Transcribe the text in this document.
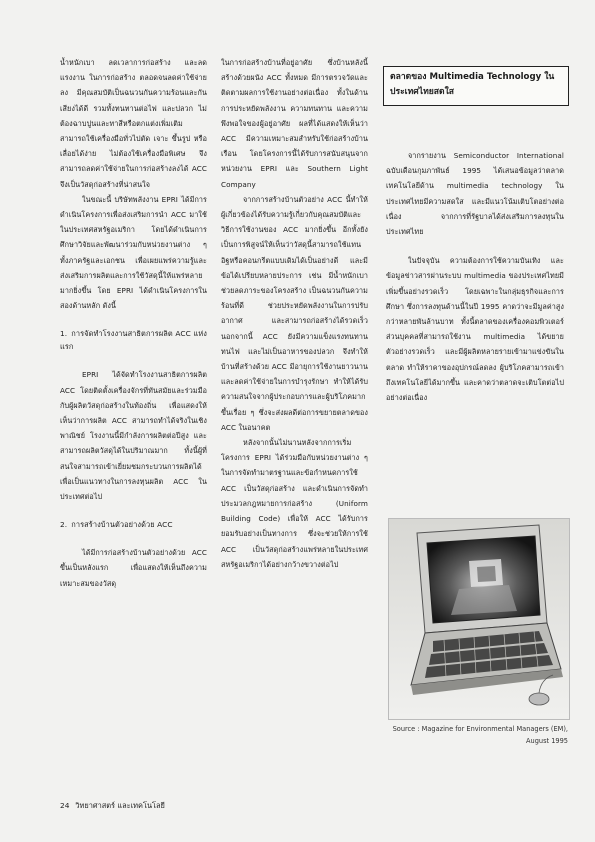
น้ำหนักเบา ลดเวลาการก่อสร้าง และลดแรงงาน ในการก่อสร้าง ตลอดจนลดค่าใช้จ่ายลง มีคุณสมบัติเป็นฉนวนกันความร้อนและกันเสียงได้ดี รวมทั้งทนทานต่อไฟ และปลวก ไม่ต้องฉาบปูนและทาสีหรือตกแต่งเพิ่มเติม สามารถใช้เครื่องมือทั่วไปตัด เจาะ ขึ้นรูป หรือเลื่อยได้ง่าย ไม่ต้องใช้เครื่องมือพิเศษ จึงสามารถลดค่าใช้จ่ายในการก่อสร้างลงได้ ACC จึงเป็นวัสดุก่อสร้างที่น่าสนใจ

ในขณะนี้ บริษัทพลังงาน EPRI ได้มีการดำเนินโครงการเพื่อส่งเสริมการนำ ACC มาใช้ในประเทศสหรัฐอเมริกา โดยได้ดำเนินการศึกษาวิจัยและพัฒนาร่วมกับหน่วยงานต่าง ๆ ทั้งภาครัฐและเอกชน เพื่อเผยแพร่ความรู้และส่งเสริมการผลิตและการใช้วัสดุนี้ให้แพร่หลายมากยิ่งขึ้น โดย EPRI ได้ดำเนินโครงการในสองด้านหลัก ดังนี้

1. การจัดทำโรงงานสาธิตการผลิต ACC แห่งแรก

EPRI ได้จัดทำโรงงานสาธิตการผลิต ACC โดยติดตั้งเครื่องจักรที่ทันสมัยและร่วมมือกับผู้ผลิตวัสดุก่อสร้างในท้องถิ่น เพื่อแสดงให้เห็นว่าการผลิต ACC สามารถทำได้จริงในเชิงพาณิชย์ โรงงานนี้มีกำลังการผลิตต่อปีสูง และสามารถผลิตวัสดุได้ในปริมาณมาก ทั้งนี้ผู้ที่สนใจสามารถเข้าเยี่ยมชมกระบวนการผลิตได้ เพื่อเป็นแนวทางในการลงทุนผลิต ACC ในประเทศต่อไป

2. การสร้างบ้านตัวอย่างด้วย ACC

ได้มีการก่อสร้างบ้านตัวอย่างด้วย ACC ขึ้นเป็นหลังแรก เพื่อแสดงให้เห็นถึงความเหมาะสมของวัสดุ

ในการก่อสร้างบ้านที่อยู่อาศัย ซึ่งบ้านหลังนี้สร้างด้วยผนัง ACC ทั้งหมด มีการตรวจวัดและติดตามผลการใช้งานอย่างต่อเนื่อง ทั้งในด้านการประหยัดพลังงาน ความทนทาน และความพึงพอใจของผู้อยู่อาศัย ผลที่ได้แสดงให้เห็นว่า ACC มีความเหมาะสมสำหรับใช้ก่อสร้างบ้านเรือน โดยโครงการนี้ได้รับการสนับสนุนจากหน่วยงาน EPRI และ Southern Light Company

จากการสร้างบ้านตัวอย่าง ACC นี้ทำให้ผู้เกี่ยวข้องได้รับความรู้เกี่ยวกับคุณสมบัติและวิธีการใช้งานของ ACC มากยิ่งขึ้น อีกทั้งยังเป็นการพิสูจน์ให้เห็นว่าวัสดุนี้สามารถใช้แทนอิฐหรือคอนกรีตแบบเดิมได้เป็นอย่างดี และมีข้อได้เปรียบหลายประการ เช่น มีน้ำหนักเบา ช่วยลดภาระของโครงสร้าง เป็นฉนวนกันความร้อนที่ดี ช่วยประหยัดพลังงานในการปรับอากาศ และสามารถก่อสร้างได้รวดเร็ว นอกจากนี้ ACC ยังมีความแข็งแรงทนทาน ทนไฟ และไม่เป็นอาหารของปลวก จึงทำให้บ้านที่สร้างด้วย ACC มีอายุการใช้งานยาวนาน และลดค่าใช้จ่ายในการบำรุงรักษา ทำให้ได้รับความสนใจจากผู้ประกอบการและผู้บริโภคมากขึ้นเรื่อย ๆ ซึ่งจะส่งผลดีต่อการขยายตลาดของ ACC ในอนาคต

หลังจากนั้นไม่นานหลังจากการเริ่มโครงการ EPRI ได้ร่วมมือกับหน่วยงานต่าง ๆ ในการจัดทำมาตรฐานและข้อกำหนดการใช้ ACC เป็นวัสดุก่อสร้าง และดำเนินการจัดทำประมวลกฎหมายการก่อสร้าง (Uniform Building Code) เพื่อให้ ACC ได้รับการยอมรับอย่างเป็นทางการ ซึ่งจะช่วยให้การใช้ ACC เป็นวัสดุก่อสร้างแพร่หลายในประเทศสหรัฐอเมริกาได้อย่างกว้างขวางต่อไป

ตลาดของ Multimedia Technology ในประเทศไทยสดใส

จากรายงาน Semiconductor International ฉบับเดือนกุมภาพันธ์ 1995 ได้เสนอข้อมูลว่าตลาดเทคโนโลยีด้าน multimedia technology ในประเทศไทยมีความสดใส และมีแนวโน้มเติบโตอย่างต่อเนื่อง จากการที่รัฐบาลได้ส่งเสริมการลงทุนในประเทศไทย

ในปัจจุบัน ความต้องการใช้ความบันเทิง และข้อมูลข่าวสารผ่านระบบ multimedia ของประเทศไทยมีเพิ่มขึ้นอย่างรวดเร็ว โดยเฉพาะในกลุ่มธุรกิจและการศึกษา ซึ่งการลงทุนด้านนี้ในปี 1995 คาดว่าจะมีมูลค่าสูงกว่าหลายพันล้านบาท ทั้งนี้ตลาดของเครื่องคอมพิวเตอร์ส่วนบุคคลที่สามารถใช้งาน multimedia ได้ขยายตัวอย่างรวดเร็ว และมีผู้ผลิตหลายรายเข้ามาแข่งขันในตลาด ทำให้ราคาของอุปกรณ์ลดลง ผู้บริโภคสามารถเข้าถึงเทคโนโลยีได้มากขึ้น และคาดว่าตลาดจะเติบโตต่อไปอย่างต่อเนื่อง

Source : Magazine for Environmental Managers (EM), August 1995
24 วิทยาศาสตร์ และเทคโนโลยี
